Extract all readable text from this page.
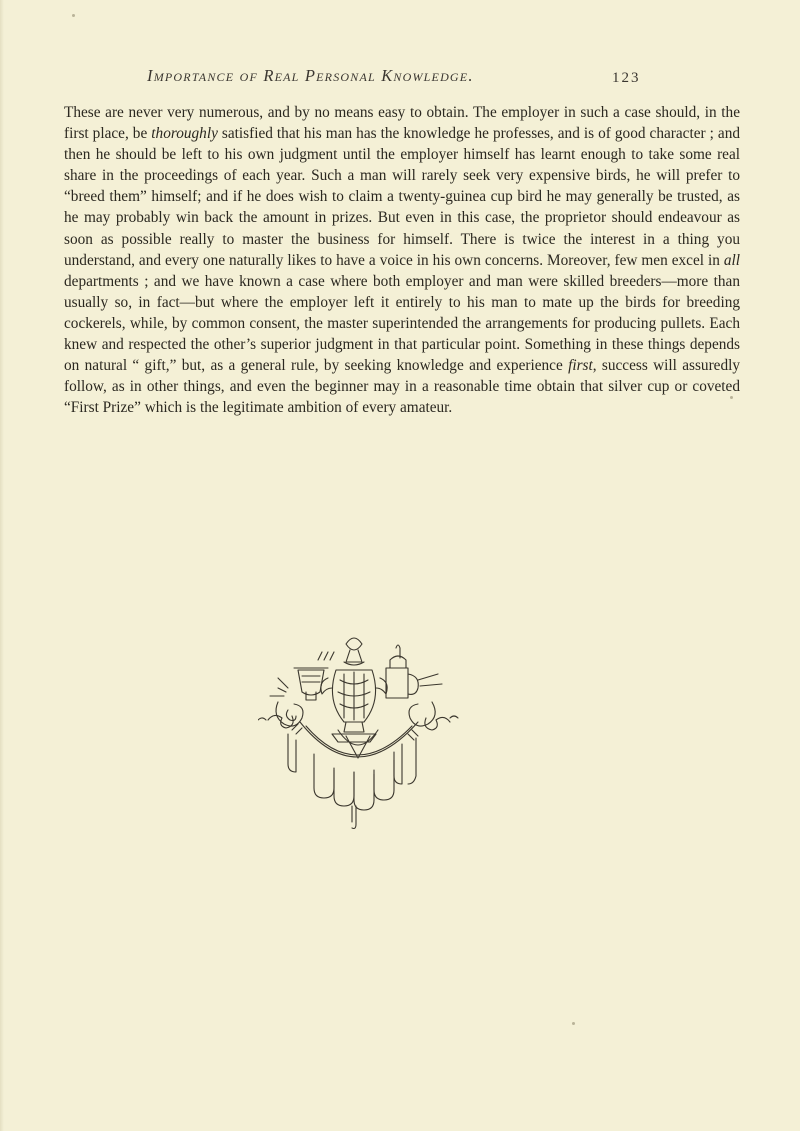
Importance of Real Personal Knowledge.	123

These are never very numerous, and by no means easy to obtain. The employer in such a case should, in the first place, be thoroughly satisfied that his man has the knowledge he professes, and is of good character ; and then he should be left to his own judgment until the employer himself has learnt enough to take some real share in the proceedings of each year. Such a man will rarely seek very expensive birds, he will prefer to “breed them” himself; and if he does wish to claim a twenty-guinea cup bird he may generally be trusted, as he may probably win back the amount in prizes. But even in this case, the proprietor should endeavour as soon as possible really to master the business for himself. There is twice the interest in a thing you understand, and every one naturally likes to have a voice in his own concerns. Moreover, few men excel in all departments ; and we have known a case where both employer and man were skilled breeders—more than usually so, in fact—but where the employer left it entirely to his man to mate up the birds for breeding cockerels, while, by common consent, the master superintended the arrangements for producing pullets. Each knew and respected the other’s superior judgment in that particular point. Something in these things depends on natural “ gift,” but, as a general rule, by seeking knowledge and experience first, success will assuredly follow, as in other things, and even the beginner may in a reasonable time obtain that silver cup or coveted “First Prize” which is the legitimate ambition of every amateur.
